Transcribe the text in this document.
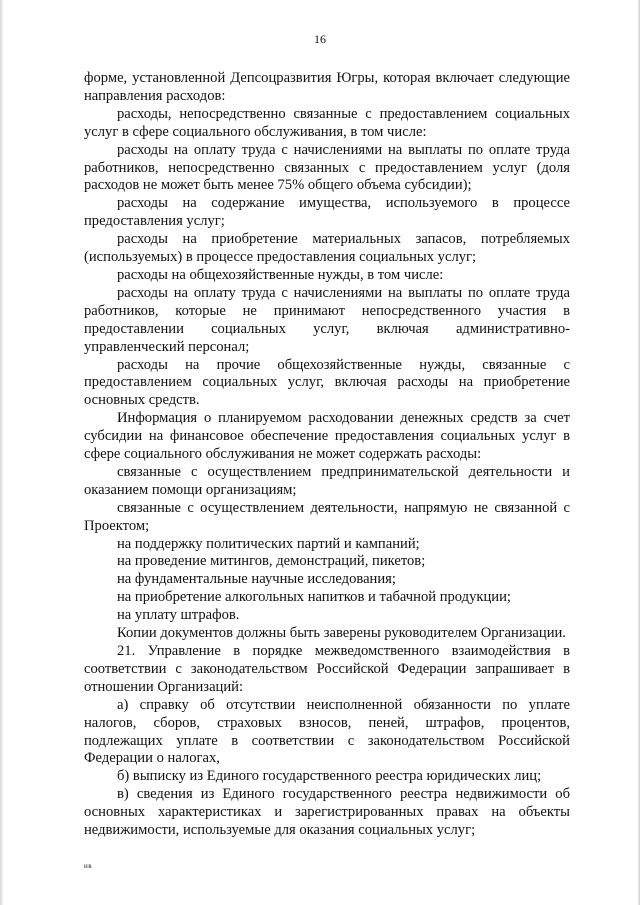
16

форме, установленной Депсоцразвития Югры, которая включает следующие направления расходов:

расходы, непосредственно связанные с предоставлением социальных услуг в сфере социального обслуживания, в том числе:

расходы на оплату труда с начислениями на выплаты по оплате труда работников, непосредственно связанных с предоставлением услуг (доля расходов не может быть менее 75% общего объема субсидии);

расходы на содержание имущества, используемого в процессе предоставления услуг;

расходы на приобретение материальных запасов, потребляемых (используемых) в процессе предоставления социальных услуг;

расходы на общехозяйственные нужды, в том числе:

расходы на оплату труда с начислениями на выплаты по оплате труда работников, которые не принимают непосредственного участия в предоставлении социальных услуг, включая административно-управленческий персонал;

расходы на прочие общехозяйственные нужды, связанные с предоставлением социальных услуг, включая расходы на приобретение основных средств.

Информация о планируемом расходовании денежных средств за счет субсидии на финансовое обеспечение предоставления социальных услуг в сфере социального обслуживания не может содержать расходы:

связанные с осуществлением предпринимательской деятельности и оказанием помощи организациям;

связанные с осуществлением деятельности, напрямую не связанной с Проектом;

на поддержку политических партий и кампаний;

на проведение митингов, демонстраций, пикетов;

на фундаментальные научные исследования;

на приобретение алкогольных напитков и табачной продукции;

на уплату штрафов.

Копии документов должны быть заверены руководителем Организации.

21. Управление в порядке межведомственного взаимодействия в соответствии с законодательством Российской Федерации запрашивает в отношении Организаций:

а) справку об отсутствии неисполненной обязанности по уплате налогов, сборов, страховых взносов, пеней, штрафов, процентов, подлежащих уплате в соответствии с законодательством Российской Федерации о налогах,

б) выписку из Единого государственного реестра юридических лиц;

в) сведения из Единого государственного реестра недвижимости об основных характеристиках и зарегистрированных правах на объекты недвижимости, используемые для оказания социальных услуг;

нв
